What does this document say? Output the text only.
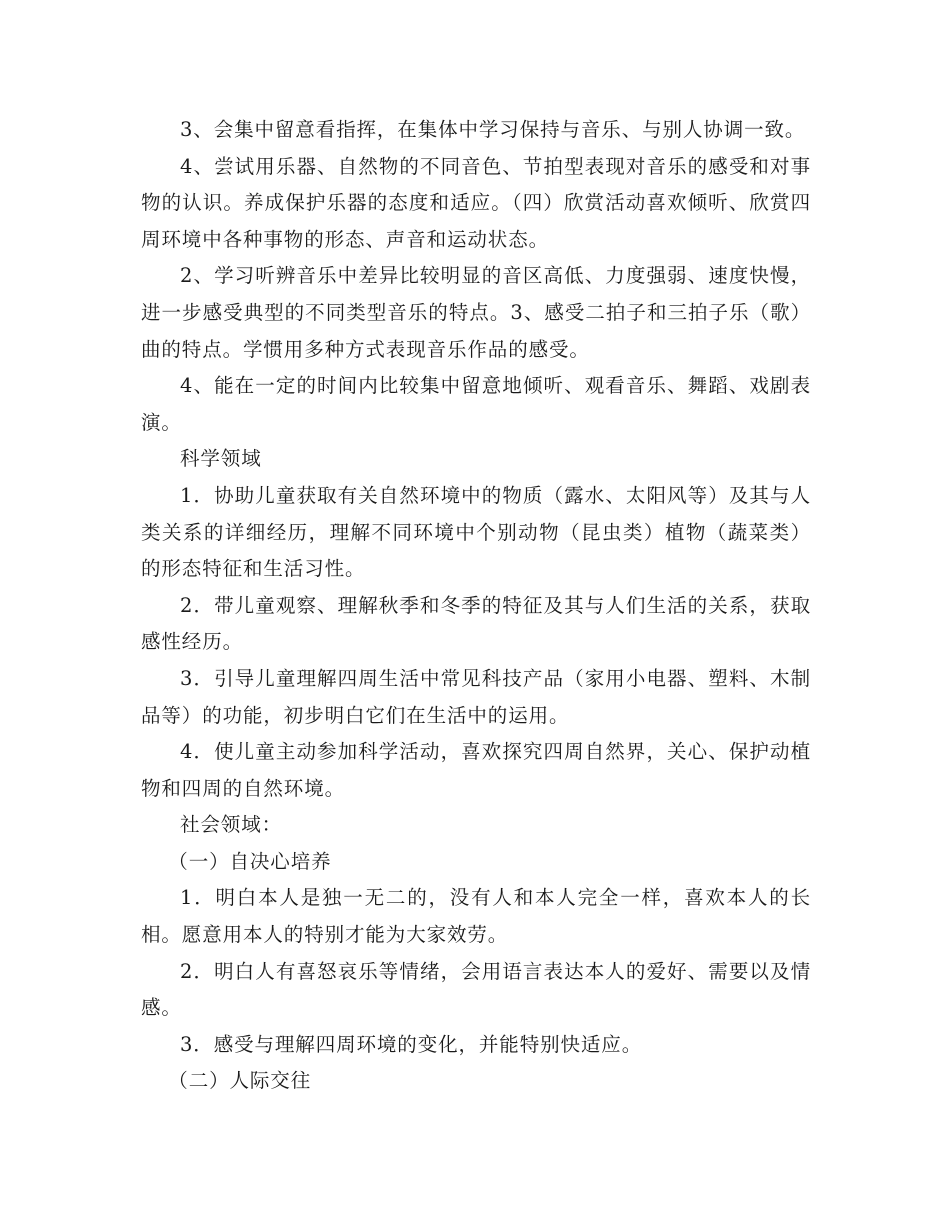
3、会集中留意看指挥，在集体中学习保持与音乐、与别人协调一致。

4、尝试用乐器、自然物的不同音色、节拍型表现对音乐的感受和对事物的认识。养成保护乐器的态度和适应。（四）欣赏活动喜欢倾听、欣赏四周环境中各种事物的形态、声音和运动状态。

2、学习听辨音乐中差异比较明显的音区高低、力度强弱、速度快慢，进一步感受典型的不同类型音乐的特点。3、感受二拍子和三拍子乐（歌）曲的特点。学惯用多种方式表现音乐作品的感受。

4、能在一定的时间内比较集中留意地倾听、观看音乐、舞蹈、戏剧表演。

科学领域

1．协助儿童获取有关自然环境中的物质（露水、太阳风等）及其与人类关系的详细经历，理解不同环境中个别动物（昆虫类）植物（蔬菜类）的形态特征和生活习性。

2．带儿童观察、理解秋季和冬季的特征及其与人们生活的关系，获取感性经历。

3．引导儿童理解四周生活中常见科技产品（家用小电器、塑料、木制品等）的功能，初步明白它们在生活中的运用。

4．使儿童主动参加科学活动，喜欢探究四周自然界，关心、保护动植物和四周的自然环境。

社会领域：

（一）自决心培养

1．明白本人是独一无二的，没有人和本人完全一样，喜欢本人的长相。愿意用本人的特别才能为大家效劳。

2．明白人有喜怒哀乐等情绪，会用语言表达本人的爱好、需要以及情感。

3．感受与理解四周环境的变化，并能特别快适应。

（二）人际交往
